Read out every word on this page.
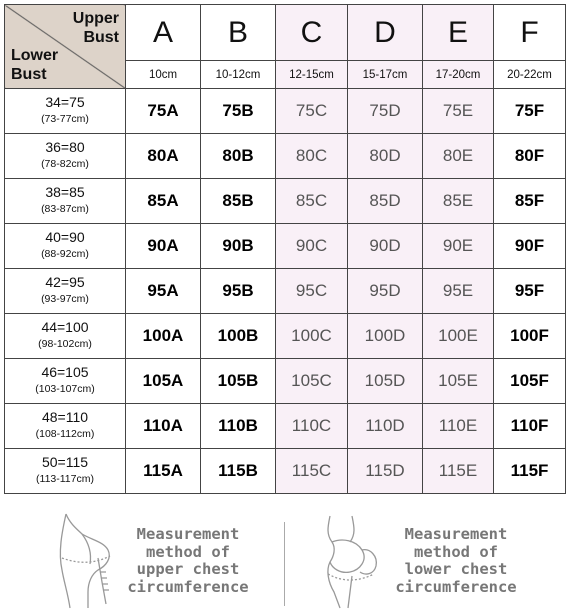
Upper
Bust
Lower
Bust	A	B	C	D	E	F
	10cm	10-12cm	12-15cm	15-17cm	17-20cm	20-22cm
34=75
(73-77cm)	75A	75B	75C	75D	75E	75F
36=80
(78-82cm)	80A	80B	80C	80D	80E	80F
38=85
(83-87cm)	85A	85B	85C	85D	85E	85F
40=90
(88-92cm)	90A	90B	90C	90D	90E	90F
42=95
(93-97cm)	95A	95B	95C	95D	95E	95F
44=100
(98-102cm)	100A	100B	100C	100D	100E	100F
46=105
(103-107cm)	105A	105B	105C	105D	105E	105F
48=110
(108-112cm)	110A	110B	110C	110D	110E	110F
50=115
(113-117cm)	115A	115B	115C	115D	115E	115F
Measurement
method of
upper chest
circumference
Measurement
method of
lower chest
circumference
